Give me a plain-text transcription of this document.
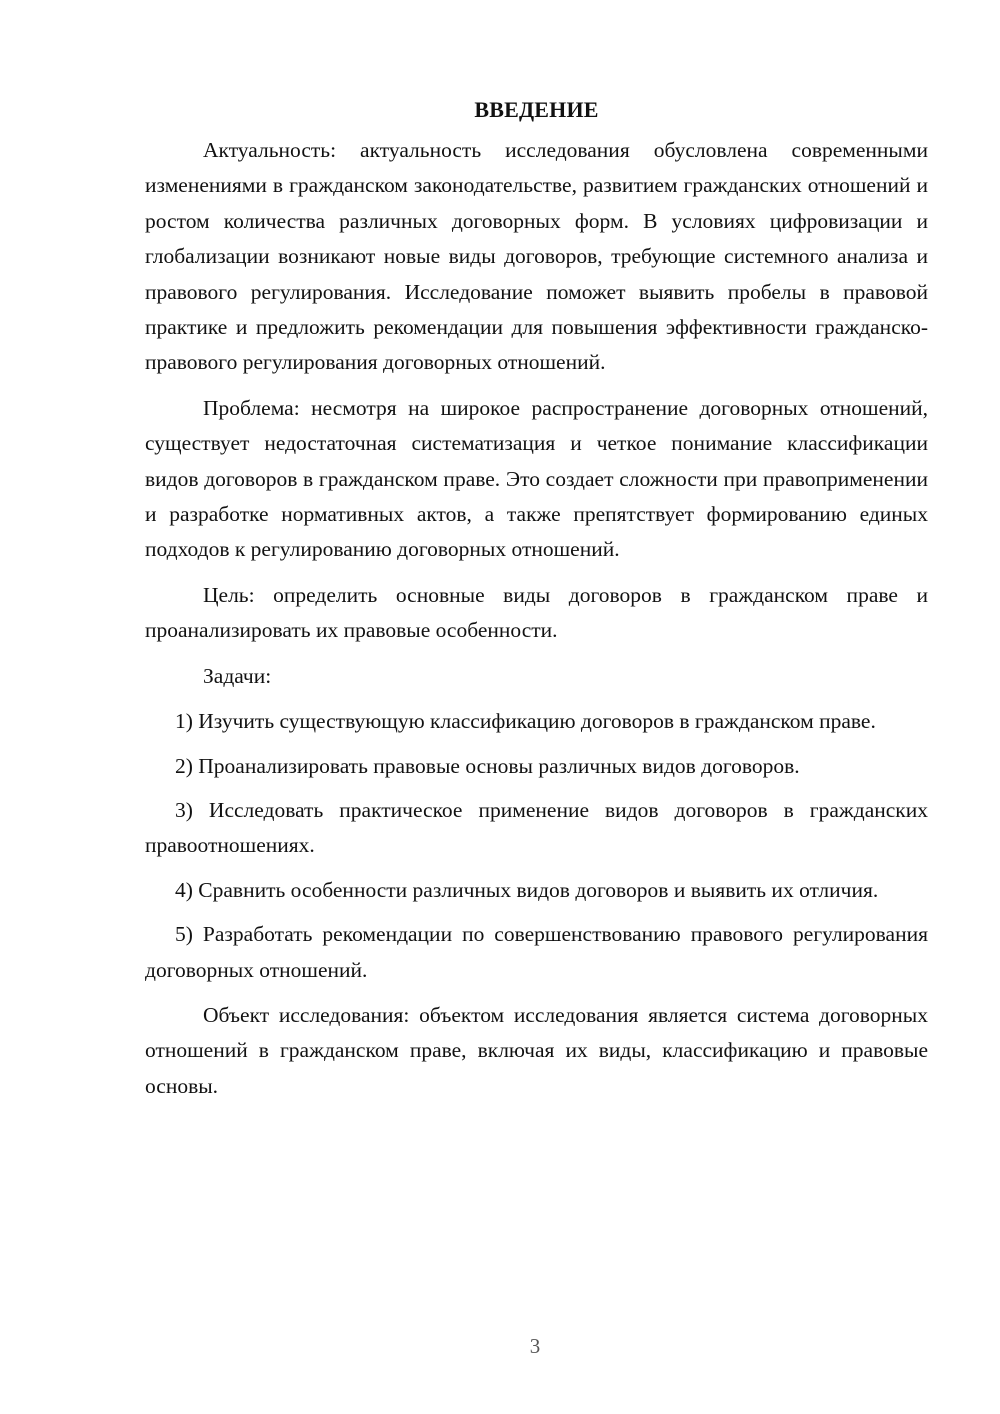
ВВЕДЕНИЕ

Актуальность: актуальность исследования обусловлена современными изменениями в гражданском законодательстве, развитием гражданских отношений и ростом количества различных договорных форм. В условиях цифровизации и глобализации возникают новые виды договоров, требующие системного анализа и правового регулирования. Исследование поможет выявить пробелы в правовой практике и предложить рекомендации для повышения эффективности гражданско-правового регулирования договорных отношений.

Проблема: несмотря на широкое распространение договорных отношений, существует недостаточная систематизация и четкое понимание классификации видов договоров в гражданском праве. Это создает сложности при правоприменении и разработке нормативных актов, а также препятствует формированию единых подходов к регулированию договорных отношений.

Цель: определить основные виды договоров в гражданском праве и проанализировать их правовые особенности.

Задачи:

1) Изучить существующую классификацию договоров в гражданском праве.

2) Проанализировать правовые основы различных видов договоров.

3) Исследовать практическое применение видов договоров в гражданских правоотношениях.

4) Сравнить особенности различных видов договоров и выявить их отличия.

5) Разработать рекомендации по совершенствованию правового регулирования договорных отношений.

Объект исследования: объектом исследования является система договорных отношений в гражданском праве, включая их виды, классификацию и правовые основы.

3
